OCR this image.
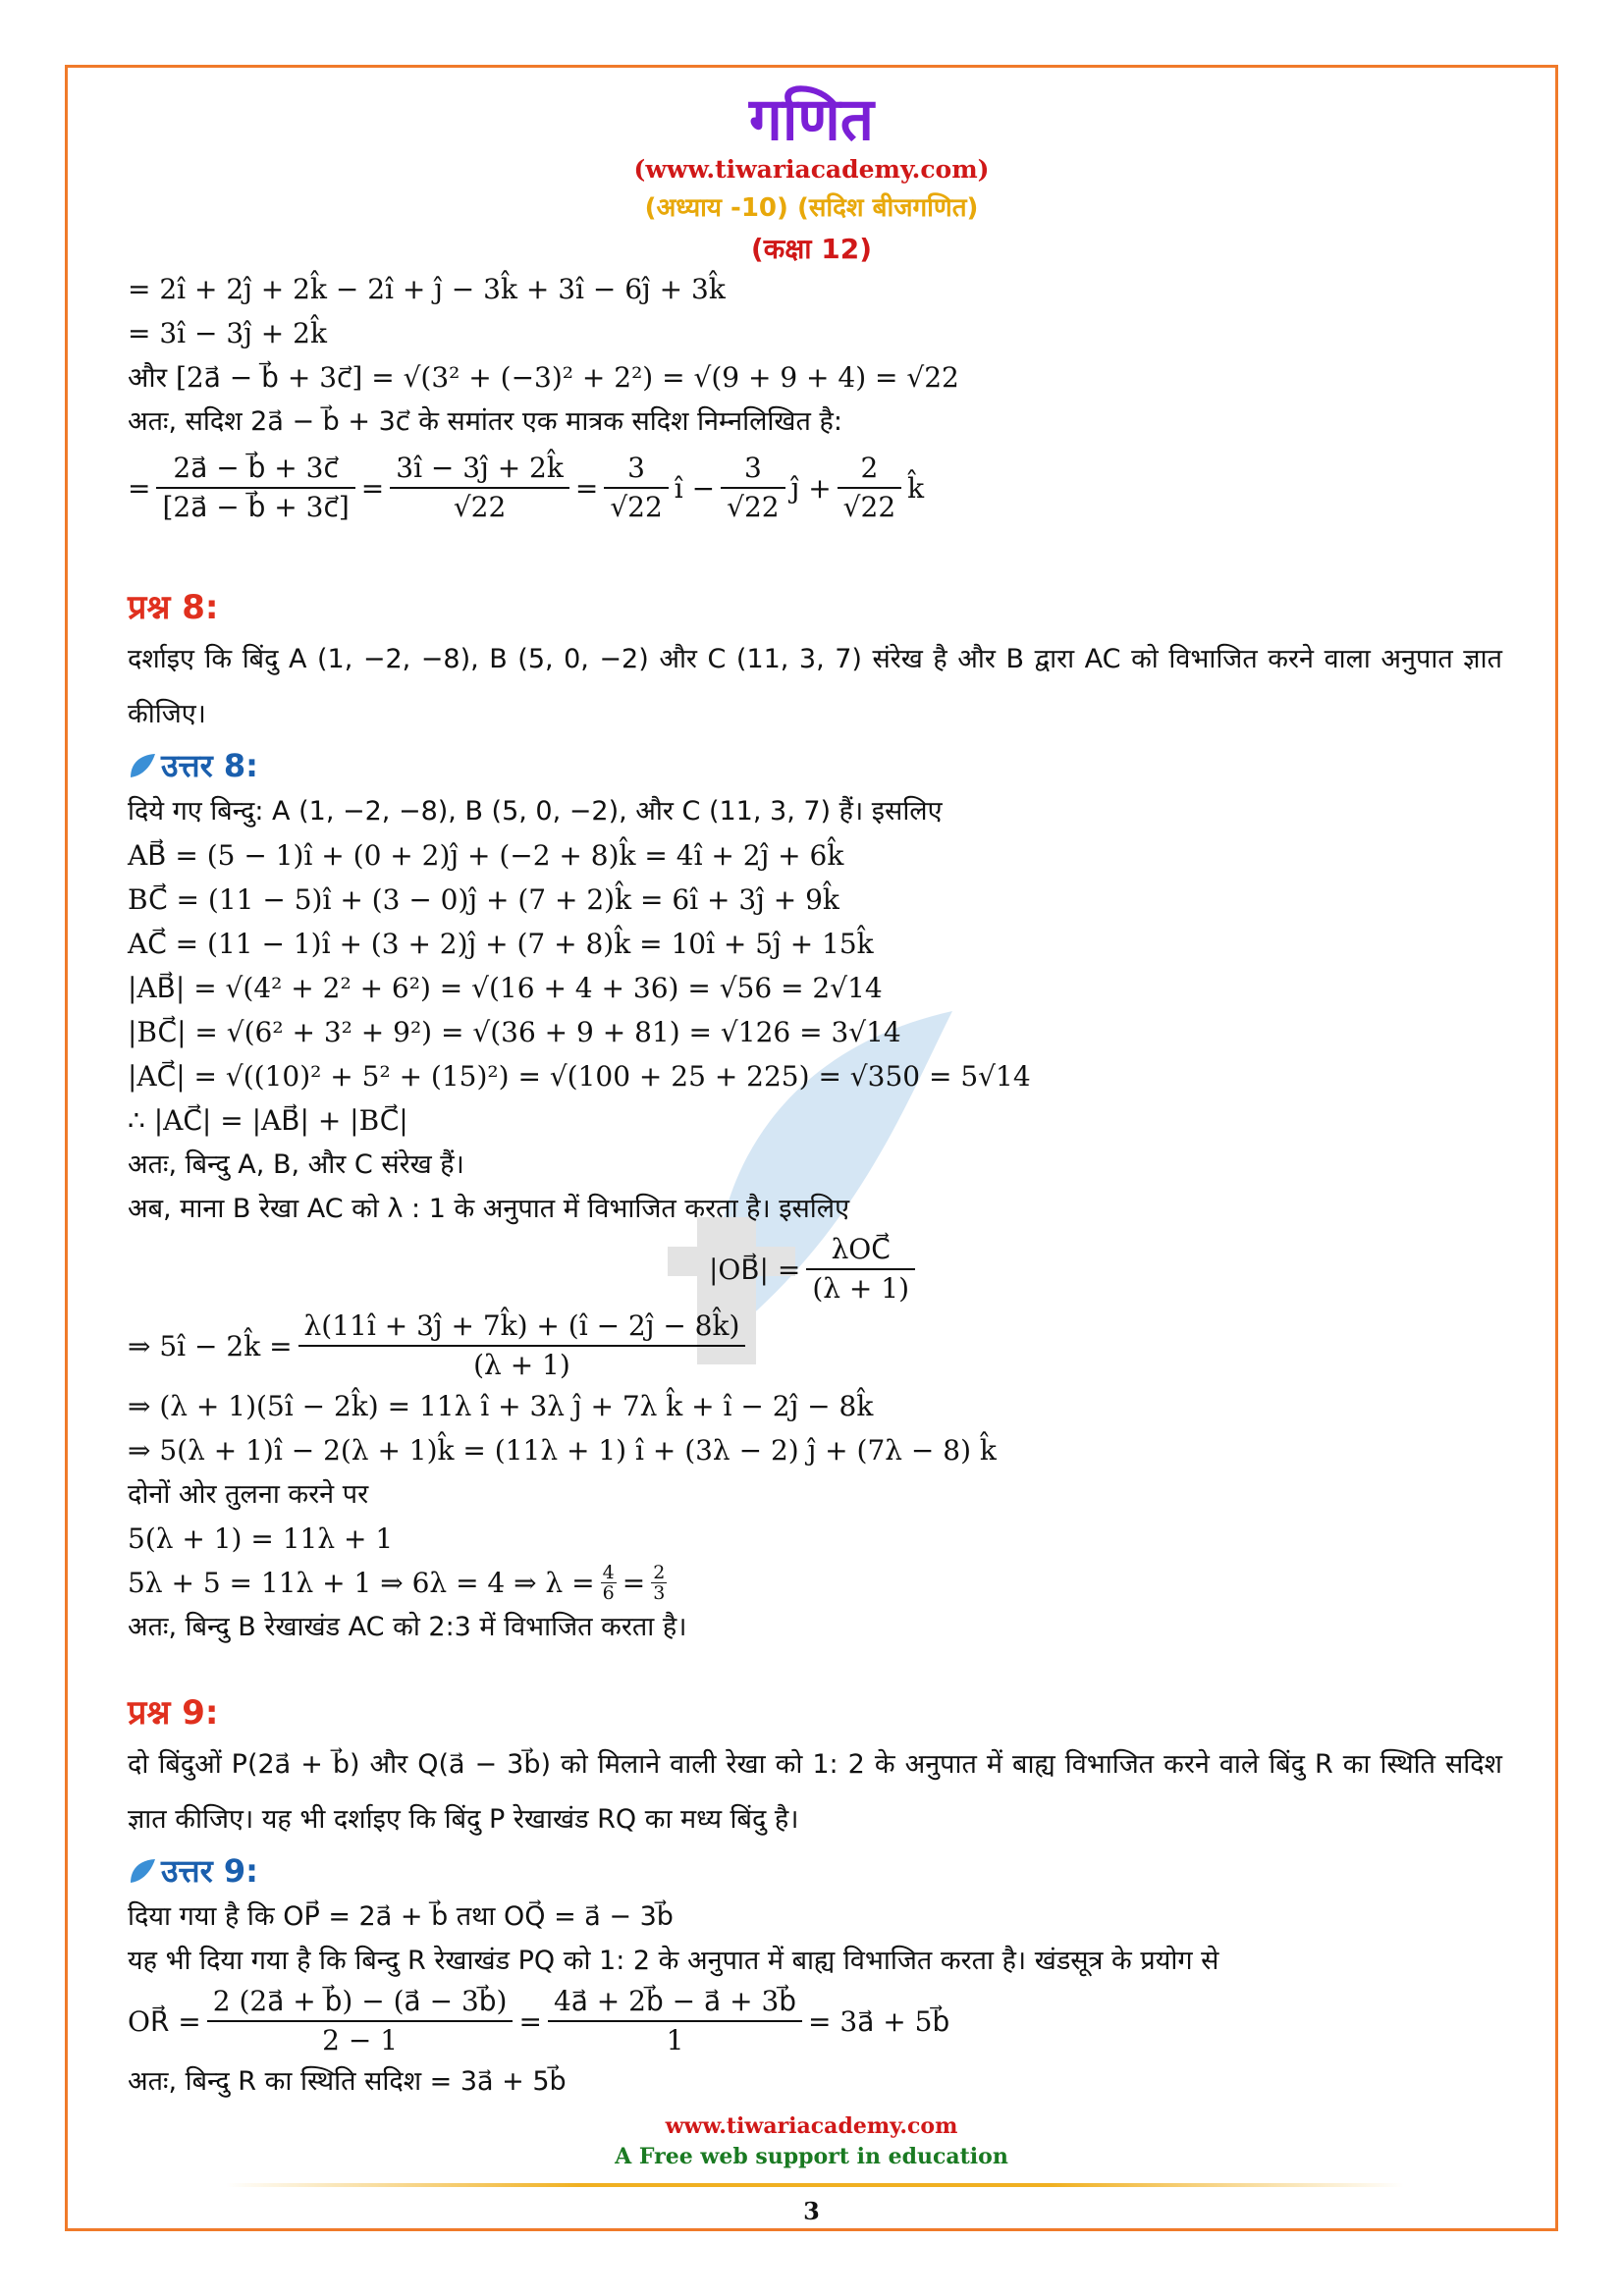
गणित
(www.tiwariacademy.com)
(अध्याय -10) (सदिश बीजगणित)
(कक्षा 12)
= 2î + 2ĵ + 2k̂ − 2î + ĵ − 3k̂ + 3î − 6ĵ + 3k̂
= 3î − 3ĵ + 2k̂
और [2a⃗ − b⃗ + 3c⃗] = √(3² + (−3)² + 2²) = √(9 + 9 + 4) = √22
अतः, सदिश 2a⃗ − b⃗ + 3c⃗ के समांतर एक मात्रक सदिश निम्नलिखित है:
= $\frac{2a⃗ - b⃗ + 3c⃗}{[2a⃗ - b⃗ + 3c⃗]} = \frac{3î - 3ĵ + 2k̂}{√22} = \frac{3}{√22}$ î − $\frac{3}{√22}$ ĵ + $\frac{2}{√22}$ k̂
प्रश्न 8:
दर्शाइए कि बिंदु A (1, −2, −8), B (5, 0, −2) और C (11, 3, 7) संरेख है और B द्वारा AC को विभाजित करने वाला अनुपात ज्ञात कीजिए।
उत्तर 8:
दिये गए बिन्दु: A (1, −2, −8), B (5, 0, −2), और C (11, 3, 7) हैं। इसलिए
AB⃗ = (5 − 1)î + (0 + 2)ĵ + (−2 + 8)k̂ = 4î + 2ĵ + 6k̂
BC⃗ = (11 − 5)î + (3 − 0)ĵ + (7 + 2)k̂ = 6î + 3ĵ + 9k̂
AC⃗ = (11 − 1)î + (3 + 2)ĵ + (7 + 8)k̂ = 10î + 5ĵ + 15k̂
|AB⃗| = √(4² + 2² + 6²) = √(16 + 4 + 36) = √56 = 2√14
|BC⃗| = √(6² + 3² + 9²) = √(36 + 9 + 81) = √126 = 3√14
|AC⃗| = √((10)² + 5² + (15)²) = √(100 + 25 + 225) = √350 = 5√14
∴ |AC⃗| = |AB⃗| + |BC⃗|
अतः, बिन्दु A, B, और C संरेख हैं।
अब, माना B रेखा AC को λ : 1 के अनुपात में विभाजित करता है। इसलिए
|OB⃗| = $\frac{\text{λOC⃗}}{(\lambda + 1)}$
⇒ 5î − 2k̂ = $\frac{\lambda(11î + 3ĵ + 7k̂) + (î - 2ĵ - 8k̂)}{(\lambda + 1)}$
⇒ (λ + 1)(5î − 2k̂) = 11λ î + 3λ ĵ + 7λ k̂ + î − 2ĵ − 8k̂
⇒ 5(λ + 1)î − 2(λ + 1)k̂ = (11λ + 1) î + (3λ − 2) ĵ + (7λ − 8) k̂
दोनों ओर तुलना करने पर
5(λ + 1) = 11λ + 1
5λ + 5 = 11λ + 1 ⇒ 6λ = 4 ⇒ $\lambda = \frac{4}{6} = \frac{2}{3}$
अतः, बिन्दु B रेखाखंड AC को 2:3 में विभाजित करता है।
प्रश्न 9:
दो बिंदुओं P(2a⃗ + b⃗) और Q(a⃗ − 3b⃗) को मिलाने वाली रेखा को 1: 2 के अनुपात में बाह्य विभाजित करने वाले बिंदु R का स्थिति सदिश ज्ञात कीजिए। यह भी दर्शाइए कि बिंदु P रेखाखंड RQ का मध्य बिंदु है।
उत्तर 9:
दिया गया है कि OP⃗ = 2a⃗ + b⃗ तथा OQ⃗ = a⃗ − 3b⃗
यह भी दिया गया है कि बिन्दु R रेखाखंड PQ को 1: 2 के अनुपात में बाह्य विभाजित करता है। खंडसूत्र के प्रयोग से
OR⃗ = $\frac{2 (2a⃗ + b⃗) - (a⃗ - 3b⃗)}{2 - 1} = \frac{4a⃗ + 2b⃗ - a⃗ + 3b⃗}{1}$ = 3a⃗ + 5b⃗
अतः, बिन्दु R का स्थिति सदिश = 3a⃗ + 5b⃗
www.tiwariacademy.com
A Free web support in education
3
